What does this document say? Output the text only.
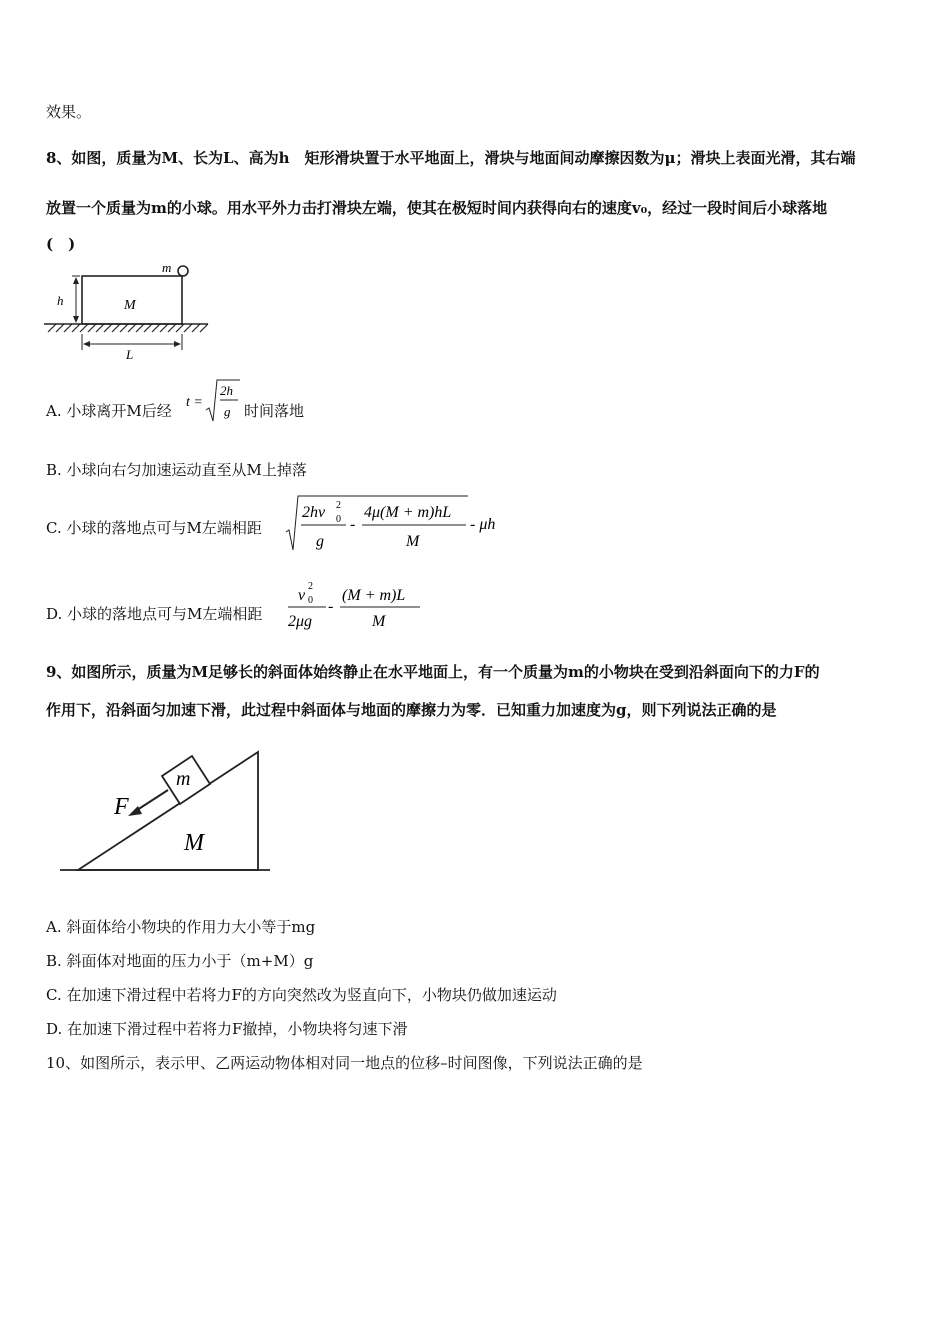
效果。
8、如图，质量为M、长为L、高为h　矩形滑块置于水平地面上，滑块与地面间动摩擦因数为μ；滑块上表面光滑，其右端
放置一个质量为m的小球。用水平外力击打滑块左端，使其在极短时间内获得向右的速度v₀，经过一段时间后小球落地
(　)
m
M
h
L
A. 小球离开M后经 t =
2h
g 时间落地
B. 小球向右匀加速运动直至从M上掉落
C. 小球的落地点可与M左端相距
2hv 2
0
g
-
4μ(M + m)hL
M
- μh
D. 小球的落地点可与M左端相距
v
2
0
2μg
-
(M + m)L
M
9、如图所示，质量为M足够长的斜面体始终静止在水平地面上，有一个质量为m的小物块在受到沿斜面向下的力F的
作用下，沿斜面匀加速下滑，此过程中斜面体与地面的摩擦力为零．已知重力加速度为g，则下列说法正确的是
M
m
F
A. 斜面体给小物块的作用力大小等于mg
B. 斜面体对地面的压力小于（m+M）g
C. 在加速下滑过程中若将力F的方向突然改为竖直向下，小物块仍做加速运动
D. 在加速下滑过程中若将力F撤掉，小物块将匀速下滑
10、如图所示，表示甲、乙两运动物体相对同一地点的位移–时间图像，下列说法正确的是
